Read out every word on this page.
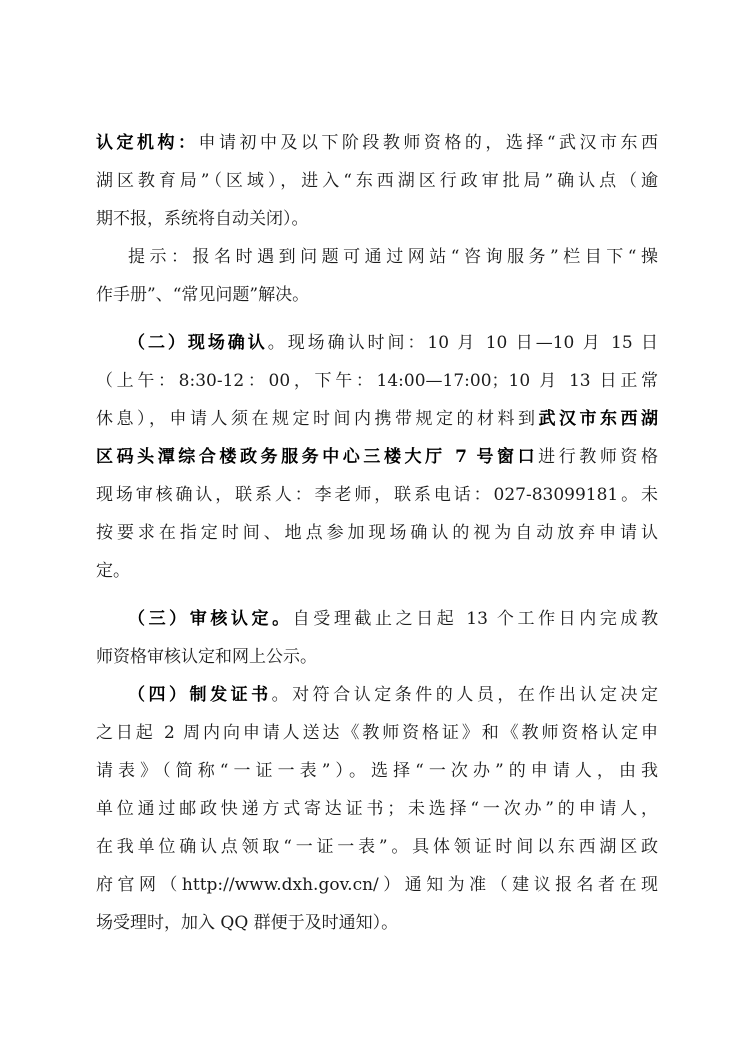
认定机构：申请初中及以下阶段教师资格的，选择“武汉市东西
湖区教育局”（区域），进入“东西湖区行政审批局”确认点（逾
期不报，系统将自动关闭）。
提示：报名时遇到问题可通过网站“咨询服务”栏目下“操
作手册”、“常见问题”解决。
（二）现场确认。现场确认时间：10 月 10 日—10 月 15 日
（上午：8:30-12：00，下午：14:00—17:00；10 月 13 日正常
休息），申请人须在规定时间内携带规定的材料到武汉市东西湖
区码头潭综合楼政务服务中心三楼大厅 7 号窗口进行教师资格
现场审核确认，联系人：李老师，联系电话：027-83099181。未
按要求在指定时间、地点参加现场确认的视为自动放弃申请认
定。
（三）审核认定。自受理截止之日起 13 个工作日内完成教
师资格审核认定和网上公示。
（四）制发证书。对符合认定条件的人员，在作出认定决定
之日起 2 周内向申请人送达《教师资格证》和《教师资格认定申
请表》（简称“一证一表”）。选择“一次办”的申请人，由我
单位通过邮政快递方式寄达证书；未选择“一次办”的申请人，
在我单位确认点领取“一证一表”。具体领证时间以东西湖区政
府官网（http://www.dxh.gov.cn/）通知为准（建议报名者在现
场受理时，加入 QQ 群便于及时通知）。
